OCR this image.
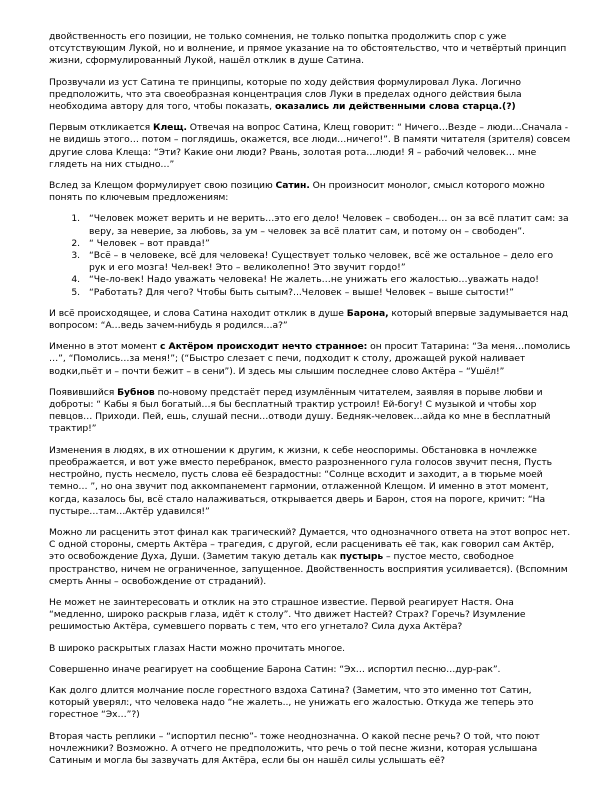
двойственность его позиции, не только сомнения, не только попытка продолжить спор с уже отсутствующим Лукой, но и волнение, и прямое указание на то обстоятельство, что и четвёртый принцип жизни, сформулированный Лукой, нашёл отклик в душе Сатина.

Прозвучали из уст Сатина те принципы, которые по ходу действия формулировал Лука. Логично предположить, что эта своеобразная концентрация слов Луки в пределах одного действия была необходима автору для того, чтобы показать, оказались ли действенными слова старца.(?)

Первым откликается Клещ. Отвечая на вопрос Сатина, Клещ говорит: “ Ничего…Везде – люди…Сначала - не видишь этого… потом – поглядишь, окажется, все люди…ничего!”. В памяти читателя (зрителя) совсем другие слова Клеща: “Эти? Какие они люди? Рвань, золотая рота…люди! Я – рабочий человек… мне глядеть на них стыдно…”

Вслед за Клещом формулирует свою позицию Сатин. Он произносит монолог, смысл которого можно понять по ключевым предложениям:

1. “Человек может верить и не верить…это его дело! Человек – свободен… он за всё платит сам: за веру, за неверие, за любовь, за ум – человек за всё платит сам, и потому он – свободен”.
2. “ Человек – вот правда!”
3. “Всё – в человеке, всё для человека! Существует только человек, всё же остальное – дело его рук и его мозга! Чел-век! Это – великолепно! Это звучит гордо!”
4. “Че-ло-век! Надо уважать человека! Не жалеть…не унижать его жалостью…уважать надо!
5. “Работать? Для чего? Чтобы быть сытым?...Человек – выше! Человек – выше сытости!”

И всё происходящее, и слова Сатина находит отклик в душе Барона, который впервые задумывается над вопросом: “А…ведь зачем-нибудь я родился…а?”

Именно в этот момент с Актёром происходит нечто странное: он просит Татарина: “За меня…помолись …”, “Помолись…за меня!”; (“Быстро слезает с печи, подходит к столу, дрожащей рукой наливает водки,пьёт и – почти бежит – в сени”). И здесь мы слышим последнее слово Актёра – “Ушёл!”

Появившийся Бубнов по-новому предстаёт перед изумлённым читателем, заявляя в порыве любви и доброты: “ Кабы я был богатый…я бы бесплатный трактир устроил! Ей-богу! С музыкой и чтобы хор певцов… Приходи. Пей, ешь, слушай песни…отводи душу. Бедняк-человек…айда ко мне в бесплатный трактир!”

Изменения в людях, в их отношении к другим, к жизни, к себе неоспоримы. Обстановка в ночлежке преображается, и вот уже вместо перебранок, вместо разрозненного гула голосов звучит песня, Пусть нестройно, пусть несмело, пусть слова её безрадостны: “Солнце всходит и заходит, а в тюрьме моей темно… ”, но она звучит под аккомпанемент гармонии, отлаженной Клещом. И именно в этот момент, когда, казалось бы, всё стало налаживаться, открывается дверь и Барон, стоя на пороге, кричит: “На пустыре…там…Актёр удавился!”

Можно ли расценить этот финал как трагический? Думается, что однозначного ответа на этот вопрос нет. С одной стороны, смерть Актёра – трагедия, с другой, если расценивать её так, как говорил сам Актёр, это освобождение Духа, Души. (Заметим такую деталь как пустырь – пустое место, свободное пространство, ничем не ограниченное, запущенное. Двойственность восприятия усиливается). (Вспомним смерть Анны – освобождение от страданий).

Не может не заинтересовать и отклик на это страшное известие. Первой реагирует Настя. Она “медленно, широко раскрыв глаза, идёт к столу”. Что движет Настей? Страх? Горечь? Изумление решимостью Актёра, сумевшего порвать с тем, что его угнетало? Сила духа Актёра?

В широко раскрытых глазах Насти можно прочитать многое.

Совершенно иначе реагирует на сообщение Барона Сатин: “Эх… испортил песню…дур-рак”.

Как долго длится молчание после горестного вздоха Сатина? (Заметим, что это именно тот Сатин, который уверял:, что человека надо “не жалеть.., не унижать его жалостью. Откуда же теперь это горестное “Эх…”?)

Вторая часть реплики – “испортил песню”- тоже неоднозначна. О какой песне речь? О той, что поют ночлежники? Возможно. А отчего не предположить, что речь о той песне жизни, которая услышана Сатиным и могла бы зазвучать для Актёра, если бы он нашёл силы услышать её?
